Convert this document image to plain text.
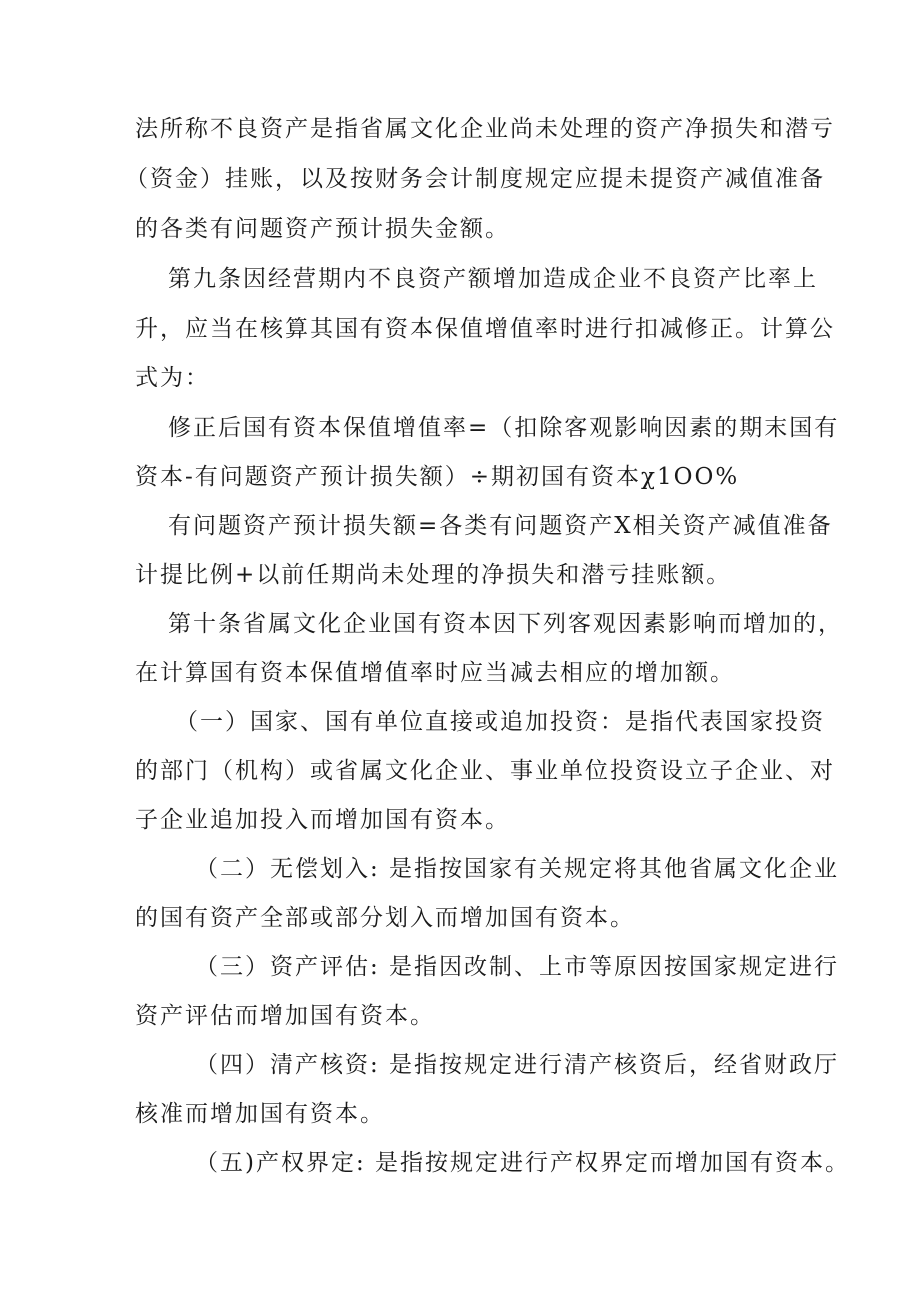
法所称不良资产是指省属文化企业尚未处理的资产净损失和潜亏
（资金）挂账，以及按财务会计制度规定应提未提资产减值准备
的各类有问题资产预计损失金额。
第九条因经营期内不良资产额增加造成企业不良资产比率上
升，应当在核算其国有资本保值增值率时进行扣减修正。计算公
式为：
修正后国有资本保值增值率=（扣除客观影响因素的期末国有
资本-有问题资产预计损失额）÷期初国有资本χ1OO%
有问题资产预计损失额=各类有问题资产X相关资产减值准备
计提比例+以前任期尚未处理的净损失和潜亏挂账额。
第十条省属文化企业国有资本因下列客观因素影响而增加的，
在计算国有资本保值增值率时应当减去相应的增加额。
（一）国家、国有单位直接或追加投资：是指代表国家投资
的部门（机构）或省属文化企业、事业单位投资设立子企业、对
子企业追加投入而增加国有资本。
（二）无偿划入: 是指按国家有关规定将其他省属文化企业
的国有资产全部或部分划入而增加国有资本。
（三）资产评估: 是指因改制、上市等原因按国家规定进行
资产评估而增加国有资本。
（四）清产核资: 是指按规定进行清产核资后，经省财政厅
核准而增加国有资本。
（五)产权界定: 是指按规定进行产权界定而增加国有资本。
